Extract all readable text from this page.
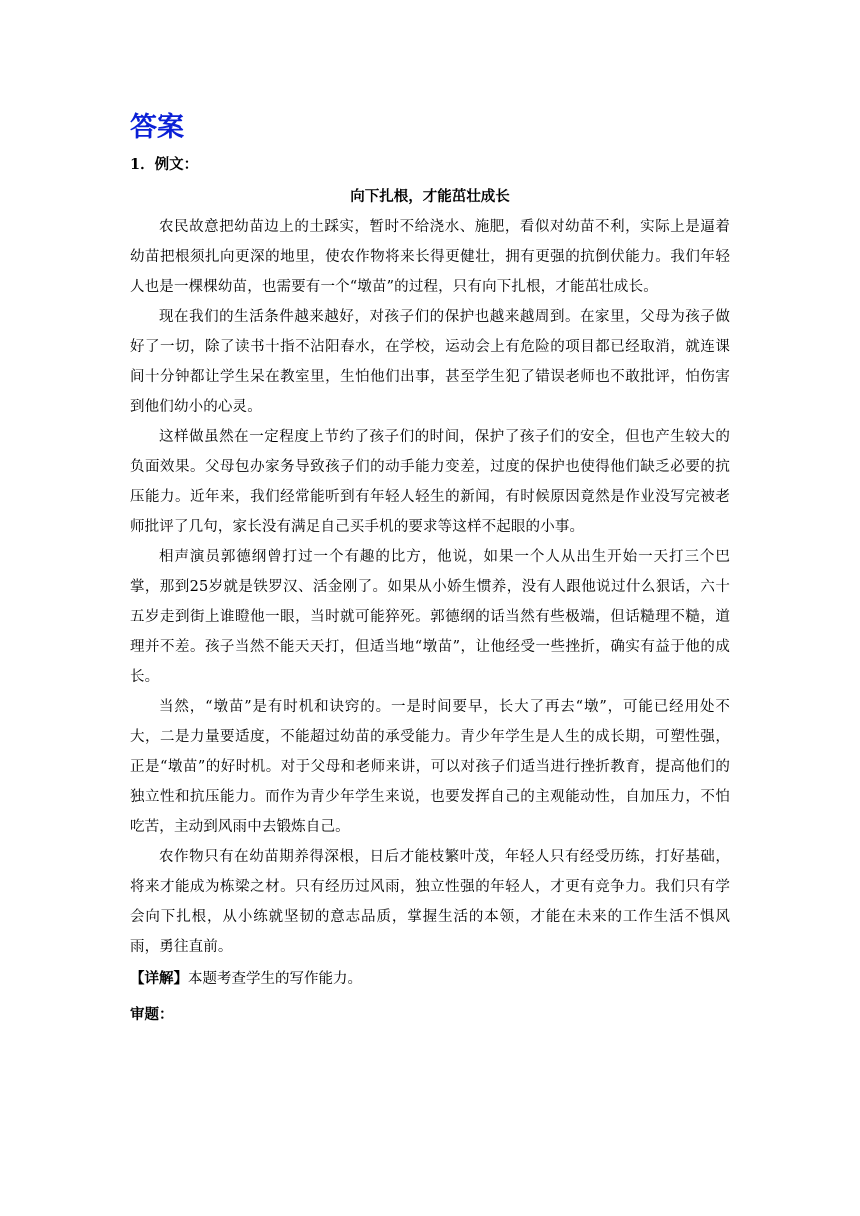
答案

1．例文：

向下扎根，才能茁壮成长

农民故意把幼苗边上的土踩实，暂时不给浇水、施肥，看似对幼苗不利，实际上是逼着幼苗把根须扎向更深的地里，使农作物将来长得更健壮，拥有更强的抗倒伏能力。我们年轻人也是一棵棵幼苗，也需要有一个“墩苗”的过程，只有向下扎根，才能茁壮成长。

现在我们的生活条件越来越好，对孩子们的保护也越来越周到。在家里，父母为孩子做好了一切，除了读书十指不沾阳春水，在学校，运动会上有危险的项目都已经取消，就连课间十分钟都让学生呆在教室里，生怕他们出事，甚至学生犯了错误老师也不敢批评，怕伤害到他们幼小的心灵。

这样做虽然在一定程度上节约了孩子们的时间，保护了孩子们的安全，但也产生较大的负面效果。父母包办家务导致孩子们的动手能力变差，过度的保护也使得他们缺乏必要的抗压能力。近年来，我们经常能听到有年轻人轻生的新闻，有时候原因竟然是作业没写完被老师批评了几句，家长没有满足自己买手机的要求等这样不起眼的小事。

相声演员郭德纲曾打过一个有趣的比方，他说，如果一个人从出生开始一天打三个巴掌，那到25岁就是铁罗汉、活金刚了。如果从小娇生惯养，没有人跟他说过什么狠话，六十五岁走到街上谁瞪他一眼，当时就可能猝死。郭德纲的话当然有些极端，但话糙理不糙，道理并不差。孩子当然不能天天打，但适当地“墩苗”，让他经受一些挫折，确实有益于他的成长。

当然，“墩苗”是有时机和诀窍的。一是时间要早，长大了再去“墩”，可能已经用处不大，二是力量要适度，不能超过幼苗的承受能力。青少年学生是人生的成长期，可塑性强，正是“墩苗”的好时机。对于父母和老师来讲，可以对孩子们适当进行挫折教育，提高他们的独立性和抗压能力。而作为青少年学生来说，也要发挥自己的主观能动性，自加压力，不怕吃苦，主动到风雨中去锻炼自己。

农作物只有在幼苗期养得深根，日后才能枝繁叶茂，年轻人只有经受历练，打好基础，将来才能成为栋梁之材。只有经历过风雨，独立性强的年轻人，才更有竞争力。我们只有学会向下扎根，从小练就坚韧的意志品质，掌握生活的本领，才能在未来的工作生活不惧风雨，勇往直前。

【详解】本题考查学生的写作能力。

审题：
